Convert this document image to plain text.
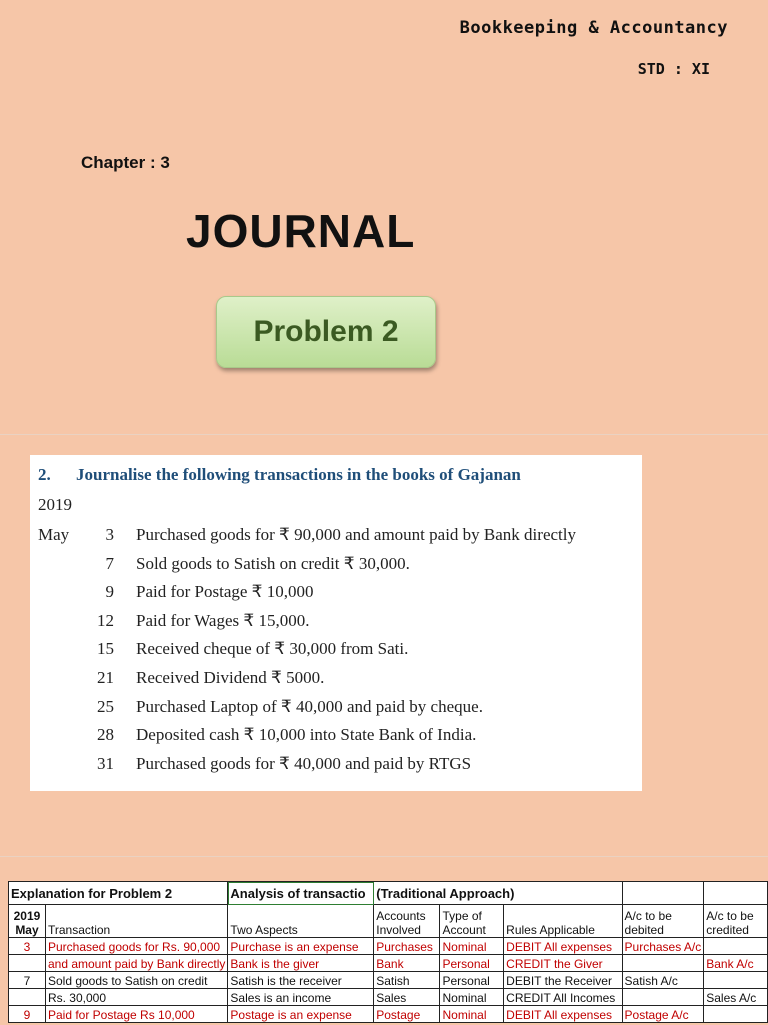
Bookkeeping & Accountancy
STD : XI
Chapter : 3
JOURNAL
Problem 2
2. Journalise the following transactions in the books of Gajanan
2019
May 3 Purchased goods for ₹ 90,000 and amount paid by Bank directly
7 Sold goods to Satish on credit ₹ 30,000.
9 Paid for Postage ₹ 10,000
12 Paid for Wages ₹ 15,000.
15 Received cheque of ₹ 30,000 from Sati.
21 Received Dividend ₹ 5000.
25 Purchased Laptop of ₹ 40,000 and paid by cheque.
28 Deposited cash ₹ 10,000 into State Bank of India.
31 Purchased goods for ₹ 40,000 and paid by RTGS
Explanation for Problem 2		Analysis of transactio	(Traditional Approach)				

2019
May	Transaction	Two Aspects	Accounts Involved	Type of Account	Rules Applicable	A/c to be debited	A/c to be credited
3	Purchased goods for Rs. 90,000	Purchase is an expense	Purchases	Nominal	DEBIT All expenses	Purchases A/c	
	and amount paid by Bank directly	Bank is the giver	Bank	Personal	CREDIT the Giver		Bank A/c
7	Sold goods to Satish on credit	Satish is the receiver	Satish	Personal	DEBIT the Receiver	Satish A/c	
	Rs. 30,000	Sales is an income	Sales	Nominal	CREDIT All Incomes		Sales A/c
9	Paid for Postage Rs 10,000	Postage is an expense	Postage	Nominal	DEBIT All expenses	Postage A/c	
